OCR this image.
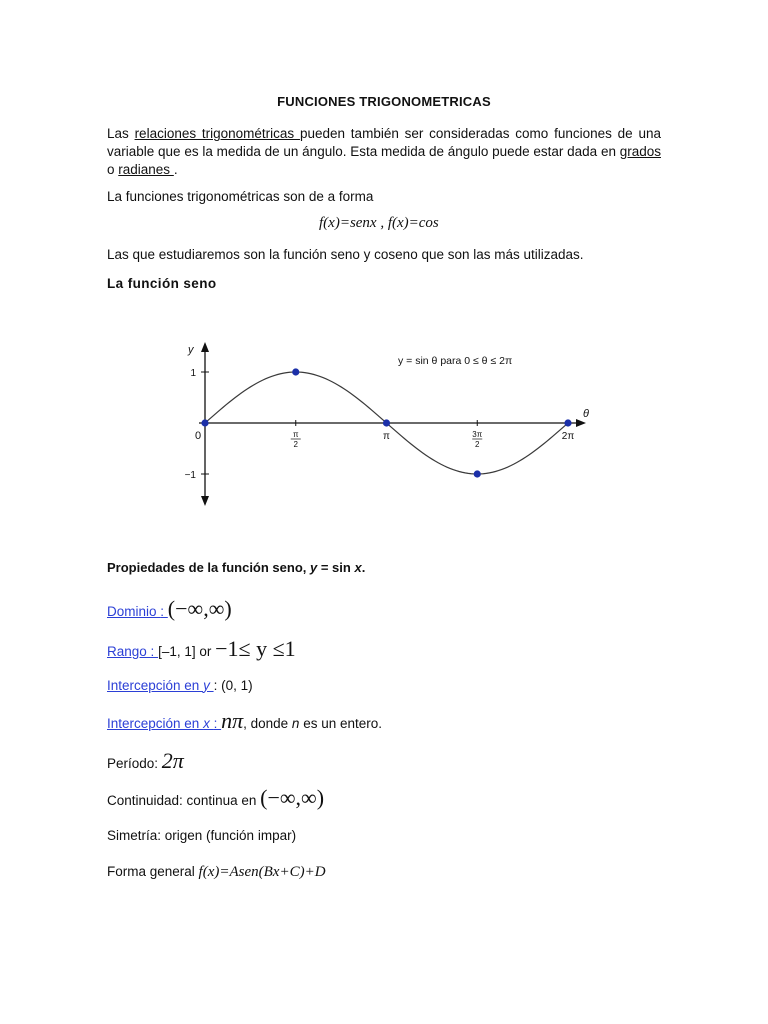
FUNCIONES TRIGONOMETRICAS
Las relaciones trigonométricas pueden también ser consideradas como funciones de una variable que es la medida de un ángulo. Esta medida de ángulo puede estar dada en grados o radianes .
La funciones trigonométricas son de a forma
f(x)=senx , f(x)=cos
Las que estudiaremos son la función seno y coseno que son las más utilizadas.
La función seno
1
−1
0	π
2
π	3π
2
2π
y
θ
y = sin θ para 0 ≤ θ ≤ 2π
Propiedades de la función seno, y = sin x.
Dominio : (−∞,∞)
Rango : [–1, 1] or −1≤ y ≤1
Intercepción en y : (0, 1)
Intercepción en x : nπ, donde n es un entero.
Período: 2π
Continuidad: continua en (−∞,∞)
Simetría: origen (función impar)
Forma general f(x)=Asen(Bx+C)+D
